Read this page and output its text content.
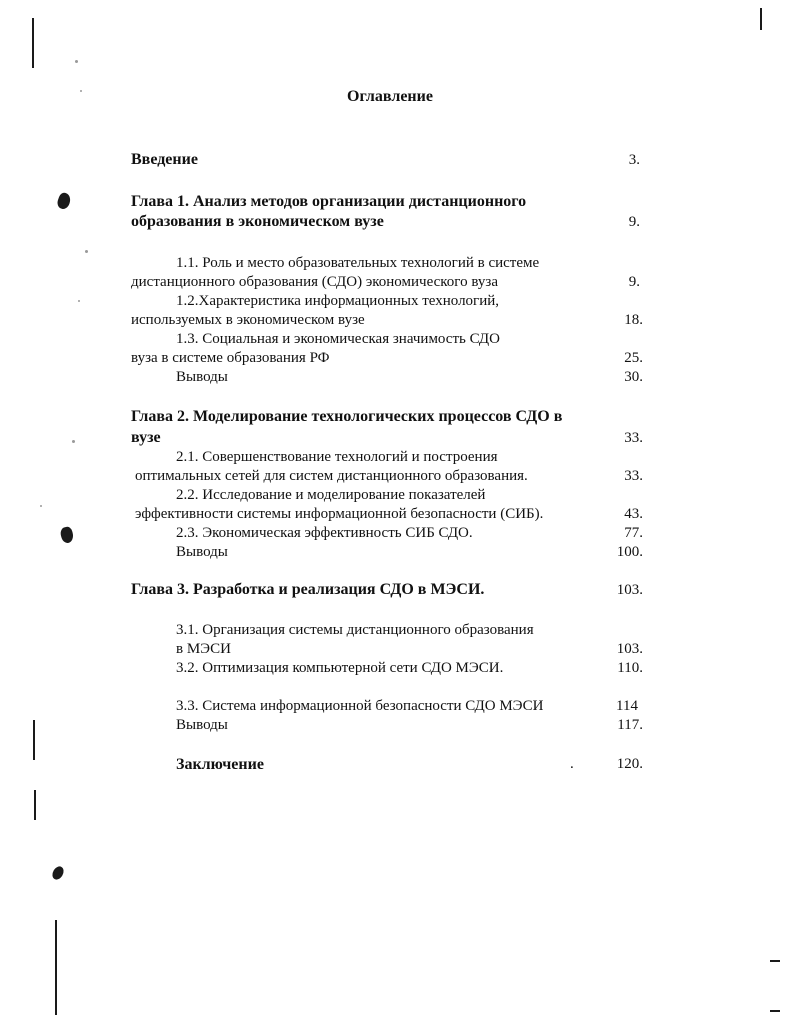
Оглавление
Введение	3.
Глава 1. Анализ методов организации дистанционного
образования в экономическом вузе	9.
1.1. Роль и место образовательных технологий в системе
дистанционного образования (СДО) экономического вуза	9.
1.2.Характеристика информационных технологий,
используемых в экономическом вузе	18.
1.3. Социальная и экономическая значимость СДО
вуза в системе образования РФ	25.
Выводы	30.
Глава 2. Моделирование технологических процессов СДО в
вузе	33.
2.1. Совершенствование технологий и построения
оптимальных сетей для систем дистанционного образования.	33.
2.2. Исследование и моделирование показателей
эффективности системы информационной безопасности (СИБ).	43.
2.3. Экономическая эффективность СИБ СДО.	77.
Выводы	100.
Глава 3. Разработка и реализация СДО в МЭСИ.	103.
3.1. Организация системы дистанционного образования
в МЭСИ	103.
3.2. Оптимизация компьютерной сети СДО МЭСИ.	110.
3.3. Система информационной безопасности СДО МЭСИ	114
Выводы	117.
Заключение	.	120.
